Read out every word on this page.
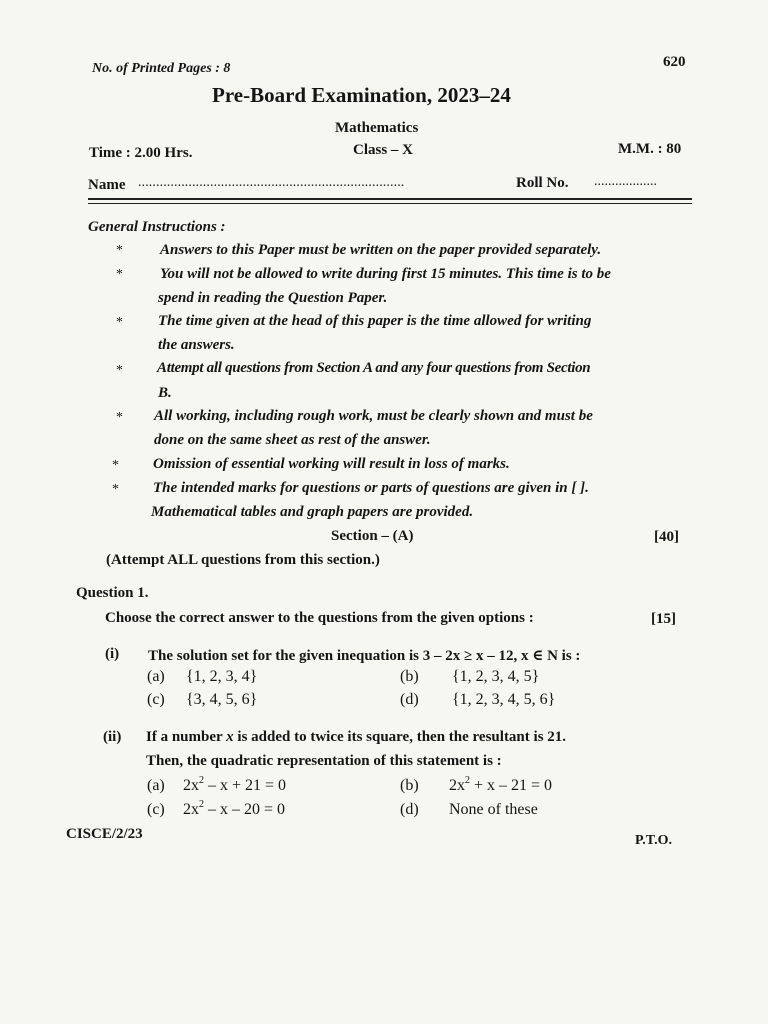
No. of Printed Pages : 8	620
Pre-Board Examination, 2023–24
Mathematics
Time : 2.00 Hrs.	Class – X	M.M. : 80
Name ..........................................................................	Roll No. ..................
General Instructions :
* Answers to this Paper must be written on the paper provided separately.
* You will not be allowed to write during first 15 minutes. This time is to be
spend in reading the Question Paper.
* The time given at the head of this paper is the time allowed for writing
the answers.
* Attempt all questions from Section A and any four questions from Section
B.
* All working, including rough work, must be clearly shown and must be
done on the same sheet as rest of the answer.
* Omission of essential working will result in loss of marks.
* The intended marks for questions or parts of questions are given in [ ].
Mathematical tables and graph papers are provided.
Section – (A)	[40]
(Attempt ALL questions from this section.)
Question 1.
Choose the correct answer to the questions from the given options :	[15]
(i) The solution set for the given inequation is 3 – 2x ≥ x – 12, x ∈ N is :
(a) {1, 2, 3, 4}	(b) {1, 2, 3, 4, 5}
(c) {3, 4, 5, 6}	(d) {1, 2, 3, 4, 5, 6}
(ii) If a number x is added to twice its square, then the resultant is 21.
Then, the quadratic representation of this statement is :
(a) $2x^2 - x + 21 = 0$	(b) $2x^2 + x - 21 = 0$
(c) $2x^2 - x - 20 = 0$	(d) None of these
CISCE/2/23	P.T.O.
